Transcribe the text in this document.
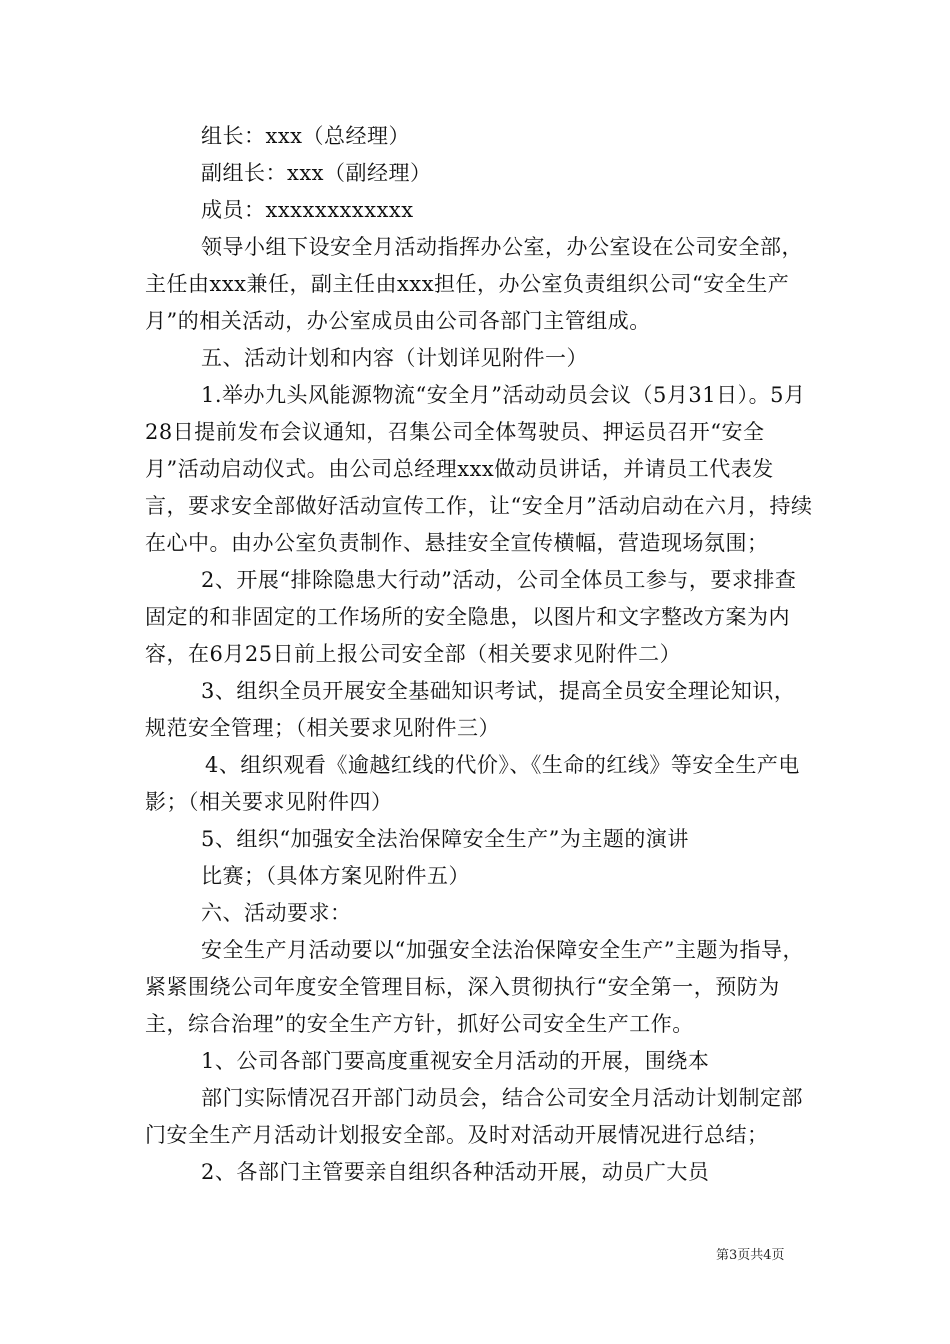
组长：xxx（总经理）

副组长：xxx（副经理）

成员：xxxxxxxxxxxx

领导小组下设安全月活动指挥办公室，办公室设在公司安全部，主任由xxx兼任，副主任由xxx担任，办公室负责组织公司“安全生产月”的相关活动，办公室成员由公司各部门主管组成。

五、活动计划和内容（计划详见附件一）

1.举办九头风能源物流“安全月”活动动员会议（5月31日）。5月28日提前发布会议通知，召集公司全体驾驶员、押运员召开“安全月”活动启动仪式。由公司总经理xxx做动员讲话，并请员工代表发言，要求安全部做好活动宣传工作，让“安全月”活动启动在六月，持续在心中。由办公室负责制作、悬挂安全宣传横幅，营造现场氛围；

2、开展“排除隐患大行动”活动，公司全体员工参与，要求排查固定的和非固定的工作场所的安全隐患，以图片和文字整改方案为内容，在6月25日前上报公司安全部（相关要求见附件二）

3、组织全员开展安全基础知识考试，提高全员安全理论知识，规范安全管理；（相关要求见附件三）

4、组织观看《逾越红线的代价》、《生命的红线》等安全生产电影；（相关要求见附件四）

5、组织“加强安全法治保障安全生产”为主题的演讲

比赛；（具体方案见附件五）

六、活动要求：

安全生产月活动要以“加强安全法治保障安全生产”主题为指导，紧紧围绕公司年度安全管理目标，深入贯彻执行“安全第一，预防为主，综合治理”的安全生产方针，抓好公司安全生产工作。

1、公司各部门要高度重视安全月活动的开展，围绕本

部门实际情况召开部门动员会，结合公司安全月活动计划制定部门安全生产月活动计划报安全部。及时对活动开展情况进行总结；

2、各部门主管要亲自组织各种活动开展，动员广大员

第3页共4页
